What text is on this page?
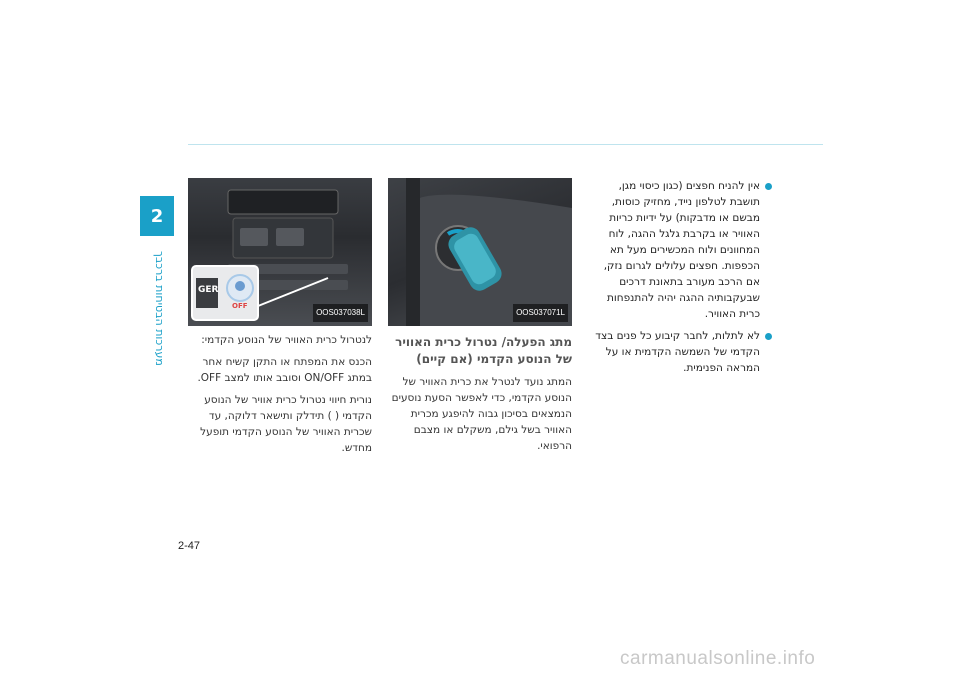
2
מערכות הבטיחות ברכבך	GER
OFF
OOS037038L
לנטרול כרית האוויר של הנוסע הקדמי:
הכנס את המפתח או התקן קשיח אחר במתג ON/OFF וסובב אותו למצב OFF.
נורית חיווי נטרול כרית אוויר של הנוסע הקדמי ( ) תידלק ותישאר דלוקה, עד שכרית האוויר של הנוסע הקדמי תופעל מחדש.
OOS037071L
מתג הפעלה/ נטרול כרית האוויר של הנוסע הקדמי (אם קיים)
המתג נועד לנטרל את כרית האוויר של הנוסע הקדמי, כדי לאפשר הסעת נוסעים הנמצאים בסיכון גבוה להיפגע מכרית האוויר בשל גילם, משקלם או מצבם הרפואי.
אין להניח חפצים (כגון כיסוי מגן, תושבת לטלפון נייד, מחזיק כוסות, מבשם או מדבקות) על ידיות כריות האוויר או בקרבת גלגל ההגה, לוח המחוונים ולוח המכשירים מעל תא הכפפות. חפצים עלולים לגרום נזק, אם הרכב מעורב בתאונת דרכים שבעקבותיה ההגה יהיה להתנפחות כרית האוויר.
לא לתלות, לחבר קיבוע כל פנים בצד הקדמי של השמשה הקדמית או על המראה הפנימית.
2-47
carmanualsonline.info
